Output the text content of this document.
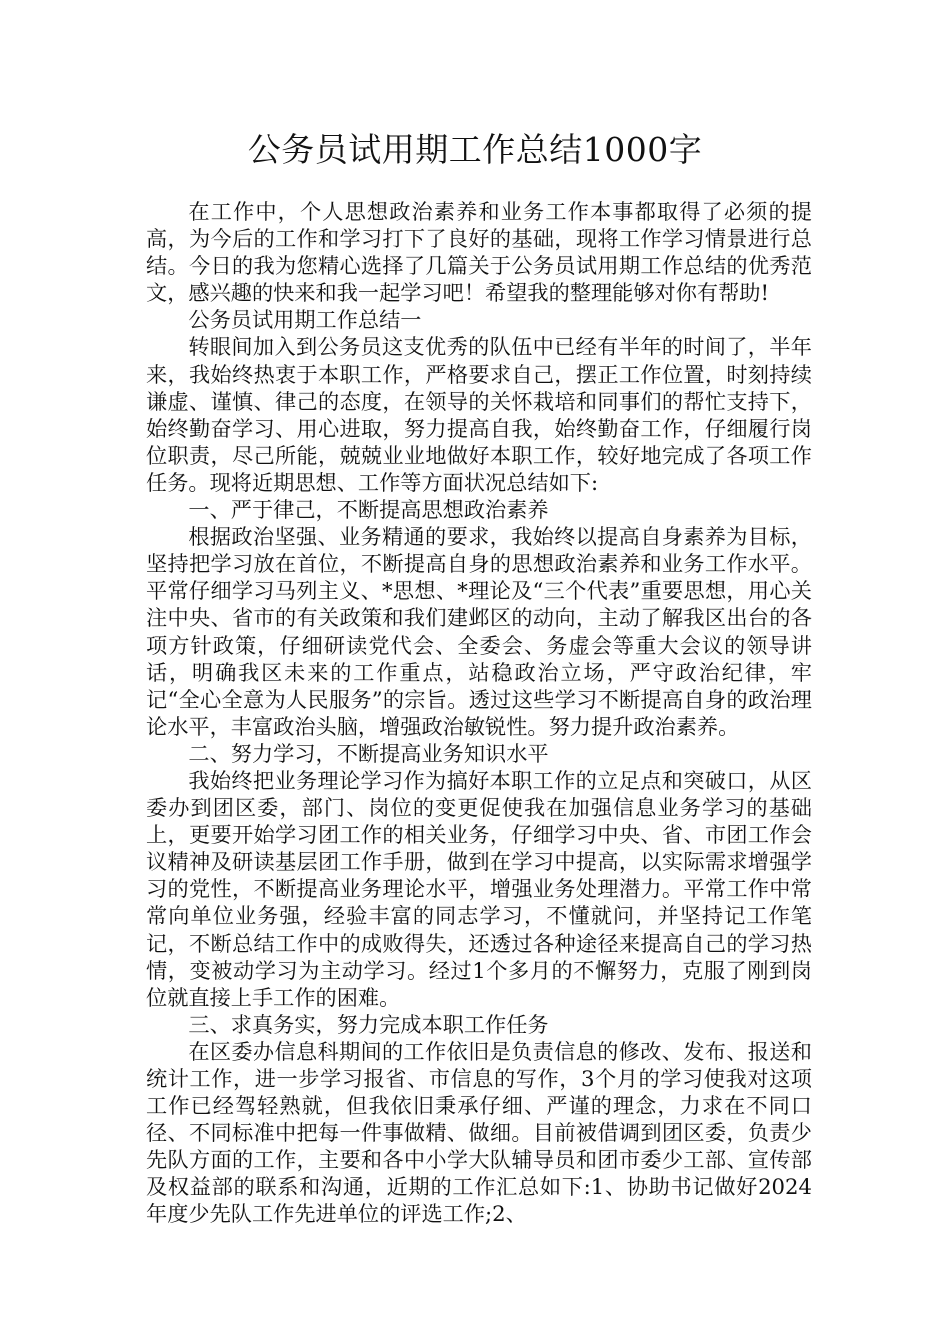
公务员试用期工作总结1000字

在工作中，个人思想政治素养和业务工作本事都取得了必须的提高，为今后的工作和学习打下了良好的基础，现将工作学习情景进行总结。今日的我为您精心选择了几篇关于公务员试用期工作总结的优秀范文，感兴趣的快来和我一起学习吧！希望我的整理能够对你有帮助!

公务员试用期工作总结一

转眼间加入到公务员这支优秀的队伍中已经有半年的时间了，半年来，我始终热衷于本职工作，严格要求自己，摆正工作位置，时刻持续谦虚、谨慎、律己的态度，在领导的关怀栽培和同事们的帮忙支持下，始终勤奋学习、用心进取，努力提高自我，始终勤奋工作，仔细履行岗位职责，尽己所能，兢兢业业地做好本职工作，较好地完成了各项工作任务。现将近期思想、工作等方面状况总结如下:

一、严于律己，不断提高思想政治素养

根据政治坚强、业务精通的要求，我始终以提高自身素养为目标，坚持把学习放在首位，不断提高自身的思想政治素养和业务工作水平。平常仔细学习马列主义、*思想、*理论及“三个代表”重要思想，用心关注中央、省市的有关政策和我们建邺区的动向，主动了解我区出台的各项方针政策，仔细研读党代会、全委会、务虚会等重大会议的领导讲话，明确我区未来的工作重点，站稳政治立场，严守政治纪律，牢记“全心全意为人民服务”的宗旨。透过这些学习不断提高自身的政治理论水平，丰富政治头脑，增强政治敏锐性。努力提升政治素养。

二、努力学习，不断提高业务知识水平

我始终把业务理论学习作为搞好本职工作的立足点和突破口，从区委办到团区委，部门、岗位的变更促使我在加强信息业务学习的基础上，更要开始学习团工作的相关业务，仔细学习中央、省、市团工作会议精神及研读基层团工作手册，做到在学习中提高，以实际需求增强学习的党性，不断提高业务理论水平，增强业务处理潜力。平常工作中常常向单位业务强，经验丰富的同志学习，不懂就问，并坚持记工作笔记，不断总结工作中的成败得失，还透过各种途径来提高自己的学习热情，变被动学习为主动学习。经过1个多月的不懈努力，克服了刚到岗位就直接上手工作的困难。

三、求真务实，努力完成本职工作任务

在区委办信息科期间的工作依旧是负责信息的修改、发布、报送和统计工作，进一步学习报省、市信息的写作，3个月的学习使我对这项工作已经驾轻熟就，但我依旧秉承仔细、严谨的理念，力求在不同口径、不同标准中把每一件事做精、做细。目前被借调到团区委，负责少先队方面的工作，主要和各中小学大队辅导员和团市委少工部、宣传部及权益部的联系和沟通，近期的工作汇总如下:1、协助书记做好2024年度少先队工作先进单位的评选工作;2、
